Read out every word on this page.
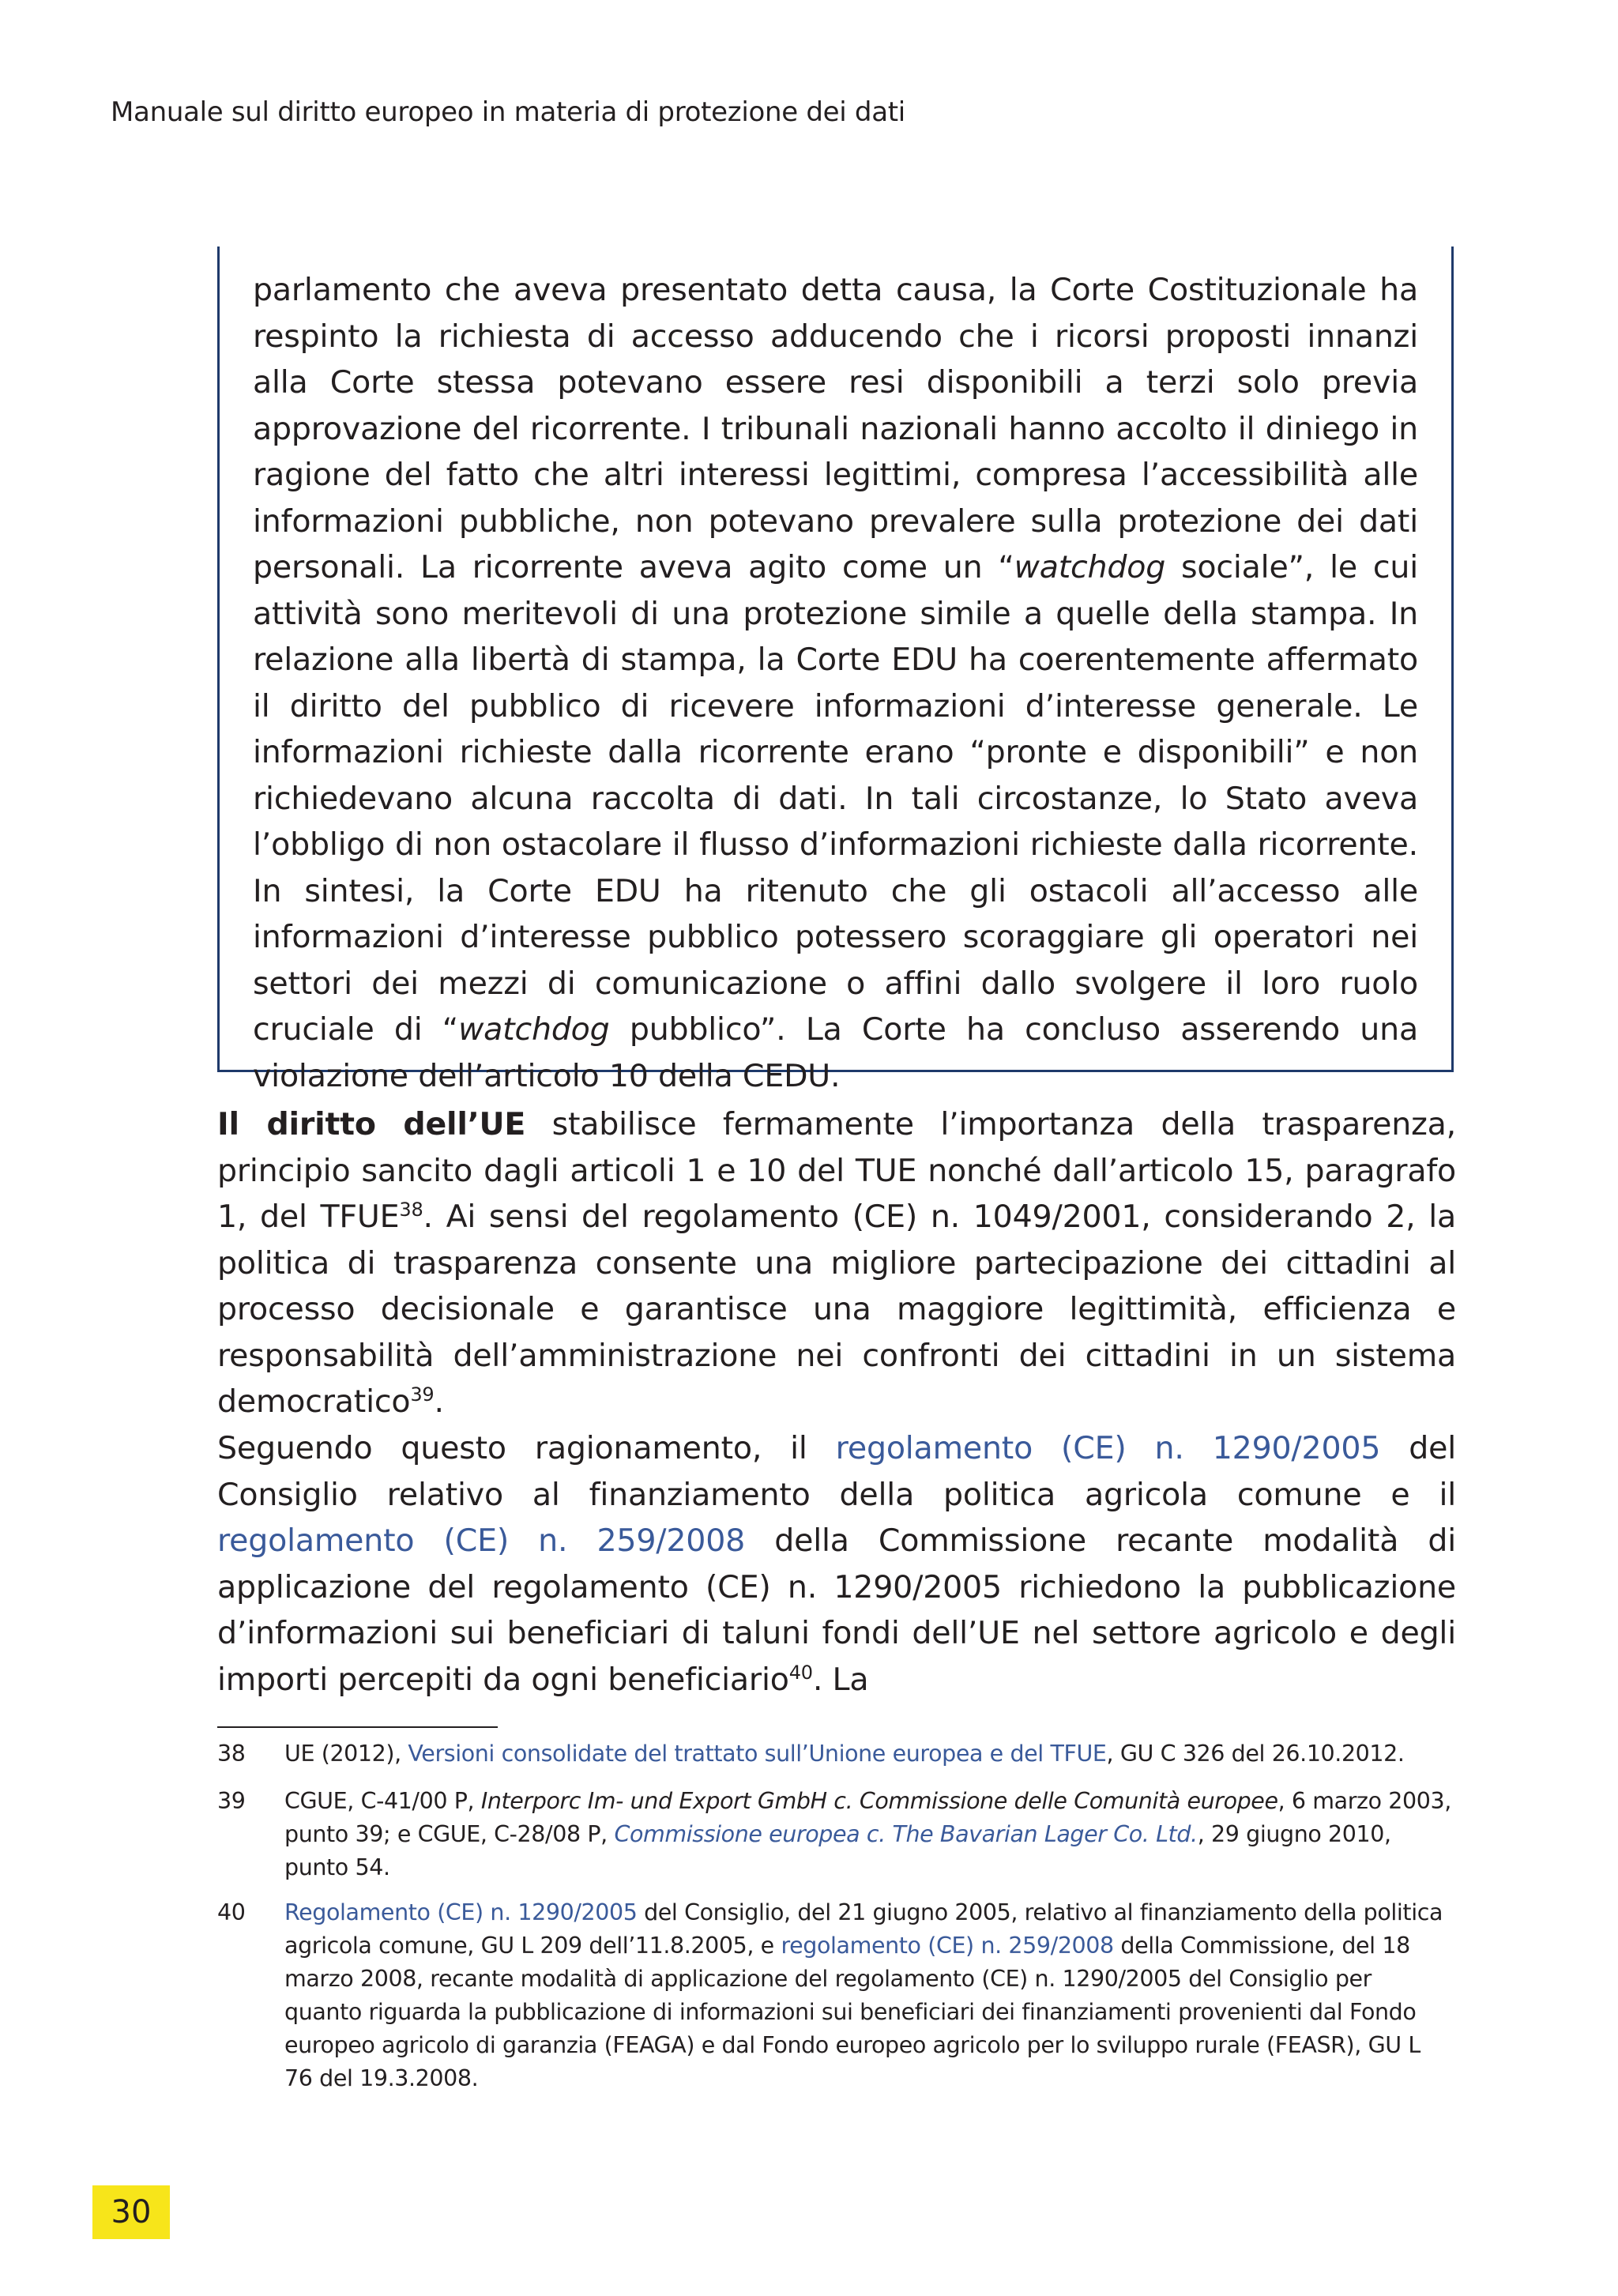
Manuale sul diritto europeo in materia di protezione dei dati

parlamento che aveva presentato detta causa, la Corte Costituzionale ha respinto la richiesta di accesso adducendo che i ricorsi proposti innanzi alla Corte stessa potevano essere resi disponibili a terzi solo previa approvazione del ricorrente. I tribunali nazionali hanno accolto il diniego in ragione del fatto che altri interessi legittimi, compresa l’accessibilità alle informazioni pubbliche, non potevano prevalere sulla protezione dei dati personali. La ricorrente aveva agito come un “watchdog sociale”, le cui attività sono meritevoli di una protezione simile a quelle della stampa. In relazione alla libertà di stampa, la Corte EDU ha coerentemente affermato il diritto del pubblico di ricevere informazioni d’interesse generale. Le informazioni richieste dalla ricorrente erano “pronte e disponibili” e non richiedevano alcuna raccolta di dati. In tali circostanze, lo Stato aveva l’obbligo di non ostacolare il flusso d’informazioni richieste dalla ricorrente. In sintesi, la Corte EDU ha ritenuto che gli ostacoli all’accesso alle informazioni d’interesse pubblico potessero scoraggiare gli operatori nei settori dei mezzi di comunicazione o affini dallo svolgere il loro ruolo cruciale di “watchdog pubblico”. La Corte ha concluso asserendo una violazione dell’articolo 10 della CEDU.

Il diritto dell’UE stabilisce fermamente l’importanza della trasparenza, principio sancito dagli articoli 1 e 10 del TUE nonché dall’articolo 15, paragrafo 1, del TFUE$^{38}$. Ai sensi del regolamento (CE) n. 1049/2001, considerando 2, la politica di trasparenza consente una migliore partecipazione dei cittadini al processo decisionale e garantisce una maggiore legittimità, efficienza e responsabilità dell’amministrazione nei confronti dei cittadini in un sistema democratico$^{39}$.

Seguendo questo ragionamento, il regolamento (CE) n. 1290/2005 del Consiglio relativo al finanziamento della politica agricola comune e il regolamento (CE) n. 259/2008 della Commissione recante modalità di applicazione del regolamento (CE) n. 1290/2005 richiedono la pubblicazione d’informazioni sui beneficiari di taluni fondi dell’UE nel settore agricolo e degli importi percepiti da ogni beneficiario$^{40}$. La

38	UE (2012), Versioni consolidate del trattato sull’Unione europea e del TFUE, GU C 326 del 26.10.2012.
39	CGUE, C-41/00 P, Interporc Im- und Export GmbH c. Commissione delle Comunità europee, 6 marzo 2003, punto 39; e CGUE, C-28/08 P, Commissione europea c. The Bavarian Lager Co. Ltd., 29 giugno 2010, punto 54.
40	Regolamento (CE) n. 1290/2005 del Consiglio, del 21 giugno 2005, relativo al finanziamento della politica agricola comune, GU L 209 dell’11.8.2005, e regolamento (CE) n. 259/2008 della Commissione, del 18 marzo 2008, recante modalità di applicazione del regolamento (CE) n. 1290/2005 del Consiglio per quanto riguarda la pubblicazione di informazioni sui beneficiari dei finanziamenti provenienti dal Fondo europeo agricolo di garanzia (FEAGA) e dal Fondo europeo agricolo per lo sviluppo rurale (FEASR), GU L 76 del 19.3.2008.
30
